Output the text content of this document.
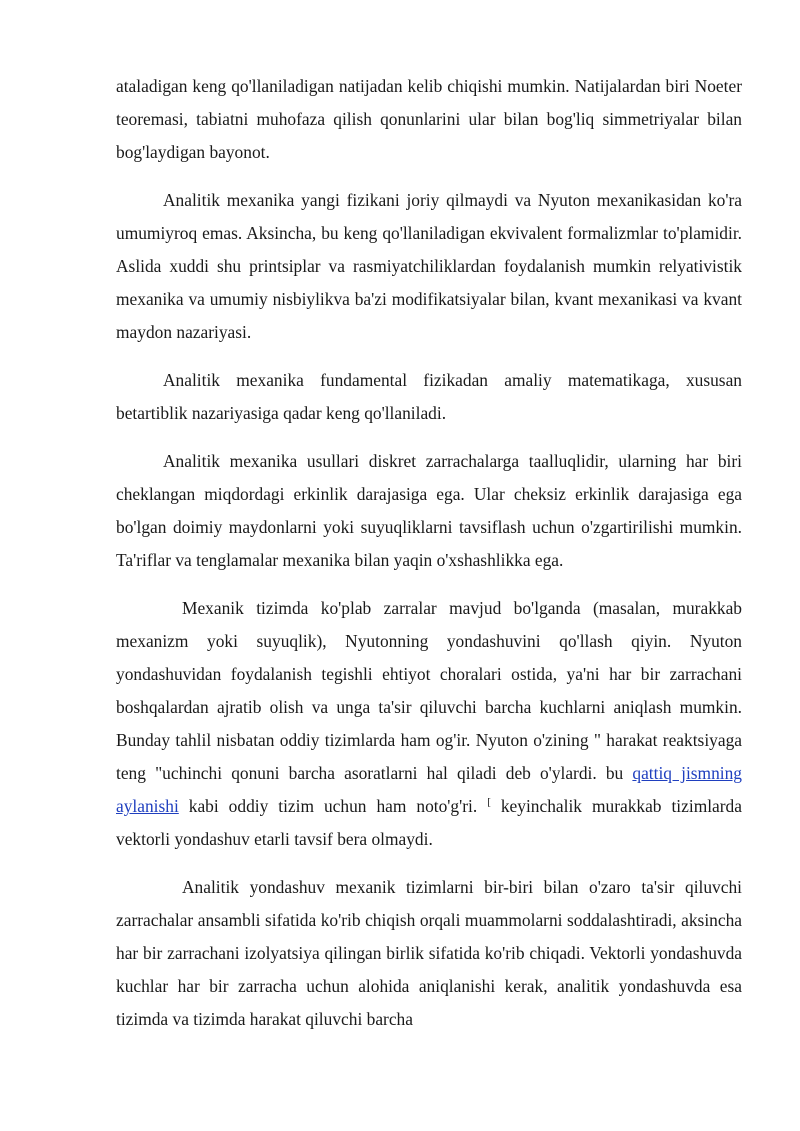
ataladigan keng qo'llaniladigan natijadan kelib chiqishi mumkin. Natijalardan biri Noeter teoremasi, tabiatni muhofaza qilish qonunlarini ular bilan bog'liq simmetriyalar bilan bog'laydigan bayonot.

Analitik mexanika yangi fizikani joriy qilmaydi va Nyuton mexanikasidan ko'ra umumiyroq emas. Aksincha, bu keng qo'llaniladigan ekvivalent formalizmlar to'plamidir. Aslida xuddi shu printsiplar va rasmiyatchiliklardan foydalanish mumkin relyativistik mexanika va umumiy nisbiylikva ba'zi modifikatsiyalar bilan, kvant mexanikasi va kvant maydon nazariyasi.

Analitik mexanika fundamental fizikadan amaliy matematikaga, xususan betartiblik nazariyasiga qadar keng qo'llaniladi.

Analitik mexanika usullari diskret zarrachalarga taalluqlidir, ularning har biri cheklangan miqdordagi erkinlik darajasiga ega. Ular cheksiz erkinlik darajasiga ega bo'lgan doimiy maydonlarni yoki suyuqliklarni tavsiflash uchun o'zgartirilishi mumkin. Ta'riflar va tenglamalar mexanika bilan yaqin o'xshashlikka ega.

Mexanik tizimda ko'plab zarralar mavjud bo'lganda (masalan, murakkab mexanizm yoki suyuqlik), Nyutonning yondashuvini qo'llash qiyin. Nyuton yondashuvidan foydalanish tegishli ehtiyot choralari ostida, ya'ni har bir zarrachani boshqalardan ajratib olish va unga ta'sir qiluvchi barcha kuchlarni aniqlash mumkin. Bunday tahlil nisbatan oddiy tizimlarda ham og'ir. Nyuton o'zining " harakat reaktsiyaga teng "uchinchi qonuni barcha asoratlarni hal qiladi deb o'ylardi. bu qattiq jismning aylanishi kabi oddiy tizim uchun ham noto'g'ri. [ keyinchalik murakkab tizimlarda vektorli yondashuv etarli tavsif bera olmaydi.

Analitik yondashuv mexanik tizimlarni bir-biri bilan o'zaro ta'sir qiluvchi zarrachalar ansambli sifatida ko'rib chiqish orqali muammolarni soddalashtiradi, aksincha har bir zarrachani izolyatsiya qilingan birlik sifatida ko'rib chiqadi. Vektorli yondashuvda kuchlar har bir zarracha uchun alohida aniqlanishi kerak, analitik yondashuvda esa tizimda va tizimda harakat qiluvchi barcha
